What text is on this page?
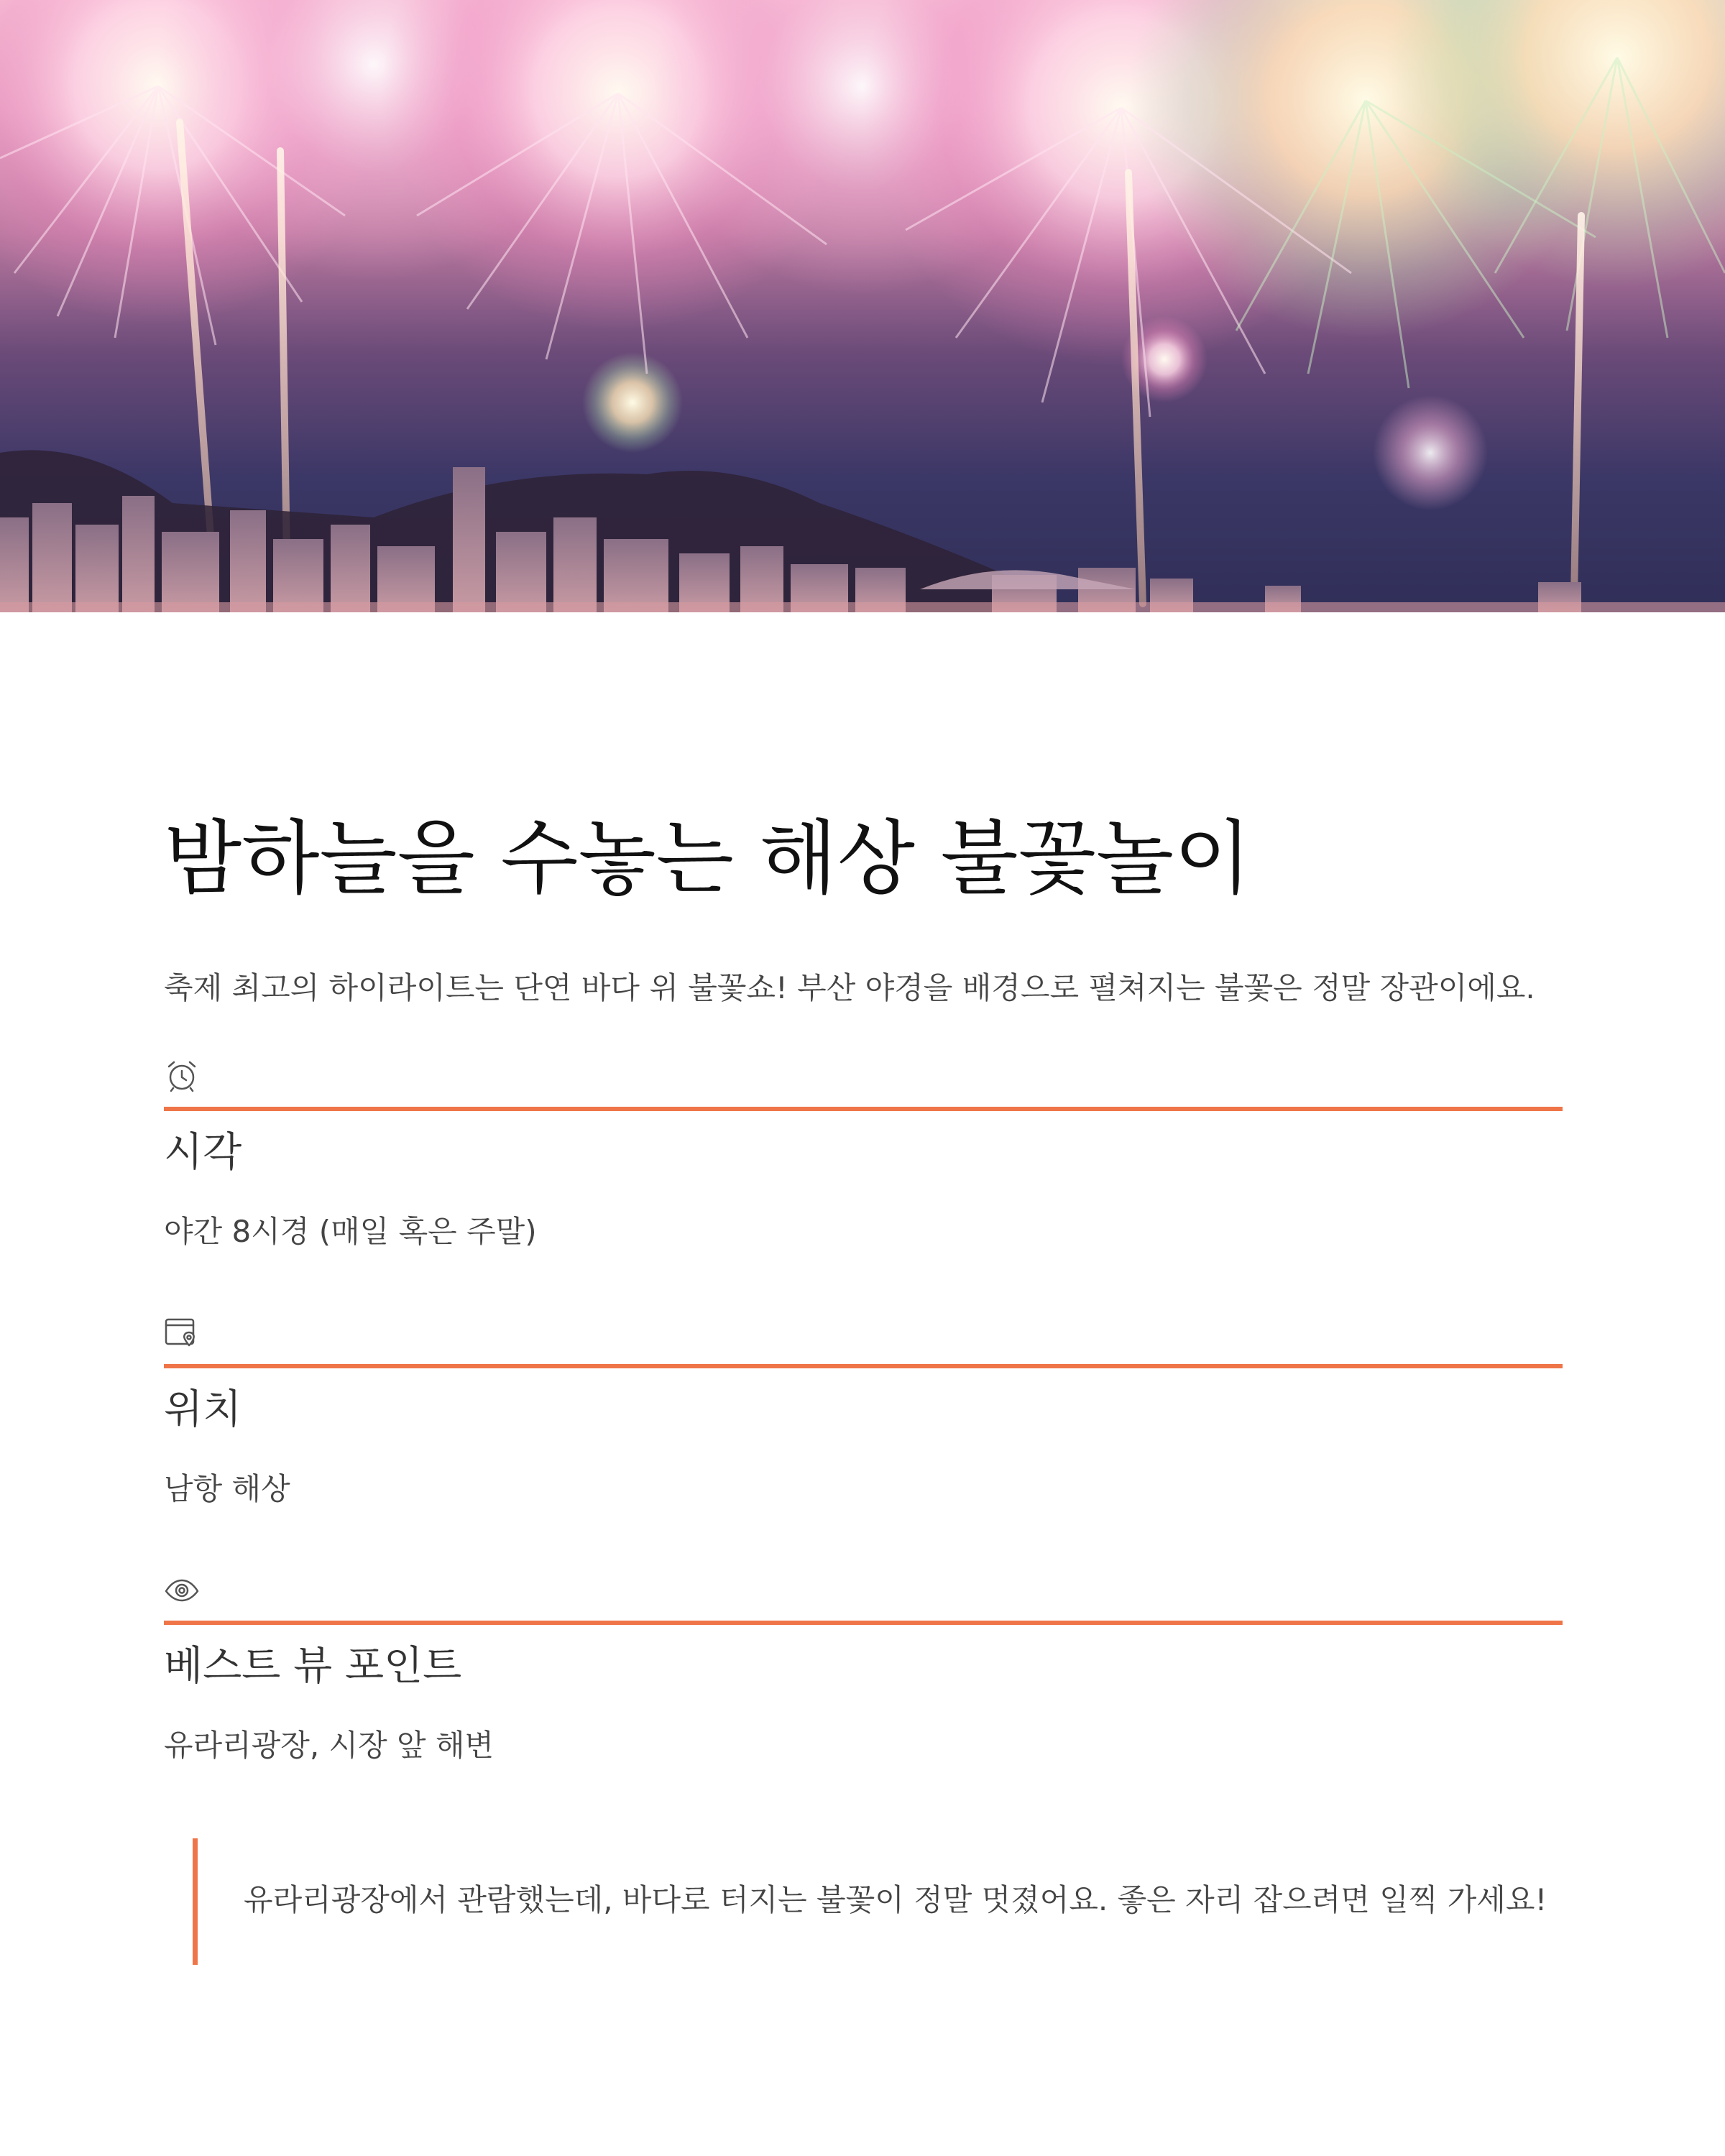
밤하늘을 수놓는 해상 불꽃놀이

축제 최고의 하이라이트는 단연 바다 위 불꽃쇼! 부산 야경을 배경으로 펼쳐지는 불꽃은 정말 장관이에요.

시각

야간 8시경 (매일 혹은 주말)

위치

남항 해상

베스트 뷰 포인트

유라리광장, 시장 앞 해변

유라리광장에서 관람했는데, 바다로 터지는 불꽃이 정말 멋졌어요. 좋은 자리 잡으려면 일찍 가세요!
